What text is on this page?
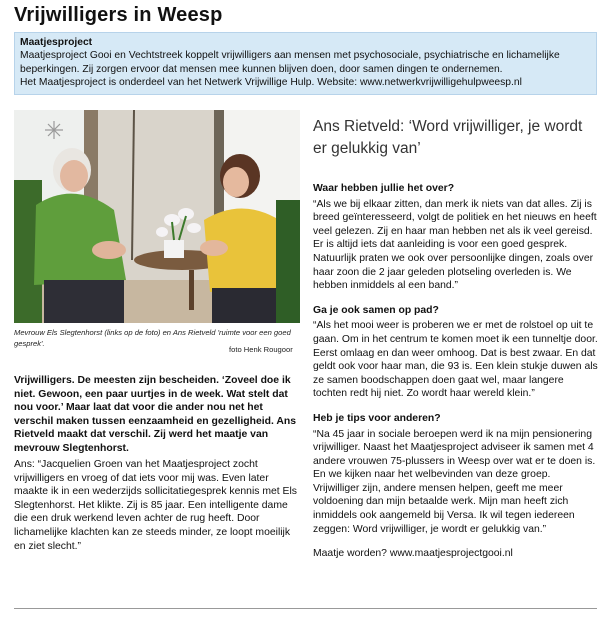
Vrijwilligers in Weesp
Maatjesproject

Maatjesproject Gooi en Vechtstreek koppelt vrijwilligers aan mensen met psychosociale, psychiatrische en lichamelijke beperkingen. Zij zorgen ervoor dat mensen mee kunnen blijven doen, door samen dingen te ondernemen.

Het Maatjesproject is onderdeel van het Netwerk Vrijwillige Hulp. Website: www.netwerkvrijwilligehulpweesp.nl

Mevrouw Els Slegtenhorst (links op de foto) en Ans Rietveld 'ruimte voor een goed gesprek'.
foto Henk Rougoor

Vrijwilligers. De meesten zijn bescheiden. ‘Zoveel doe ik niet. Gewoon, een paar uurtjes in de week. Wat stelt dat nou voor.’ Maar laat dat voor die ander nou net het verschil maken tussen eenzaamheid en gezelligheid. Ans Rietveld maakt dat verschil. Zij werd het maatje van mevrouw Slegtenhorst.

Ans: “Jacquelien Groen van het Maatjesproject zocht vrijwilligers en vroeg of dat iets voor mij was. Even later maakte ik in een wederzijds sollicitatiegesprek kennis met Els Slegtenhorst. Het klikte. Zij is 85 jaar. Een intelligente dame die een druk werkend leven achter de rug heeft. Door lichamelijke klachten kan ze steeds minder, ze loopt moeilijk en ziet slecht.”

Ans Rietveld: ‘Word vrijwilliger, je wordt er gelukkig van’

Waar hebben jullie het over?

“Als we bij elkaar zitten, dan merk ik niets van dat alles. Zij is breed geïnteresseerd, volgt de politiek en het nieuws en heeft veel gelezen. Zij en haar man hebben net als ik veel gereisd. Er is altijd iets dat aanleiding is voor een goed gesprek. Natuurlijk praten we ook over persoonlijke dingen, zoals over haar zoon die 2 jaar geleden plotseling overleden is. We hebben inmiddels al een band.”

Ga je ook samen op pad?

“Als het mooi weer is proberen we er met de rolstoel op uit te gaan. Om in het centrum te komen moet ik een tunneltje door. Eerst omlaag en dan weer omhoog. Dat is best zwaar. En dat geldt ook voor haar man, die 93 is. Een klein stukje duwen als ze samen boodschappen doen gaat wel, maar langere tochten redt hij niet. Zo wordt haar wereld klein.”

Heb je tips voor anderen?

“Na 45 jaar in sociale beroepen werd ik na mijn pensionering vrijwilliger. Naast het Maatjesproject adviseer ik samen met 4 andere vrouwen 75-plussers in Weesp over wat er te doen is. En we kijken naar het welbevinden van deze groep. Vrijwilliger zijn, andere mensen helpen, geeft me meer voldoening dan mijn betaalde werk. Mijn man heeft zich inmiddels ook aangemeld bij Versa. Ik wil tegen iedereen zeggen: Word vrijwilliger, je wordt er gelukkig van.”

Maatje worden? www.maatjesprojectgooi.nl
